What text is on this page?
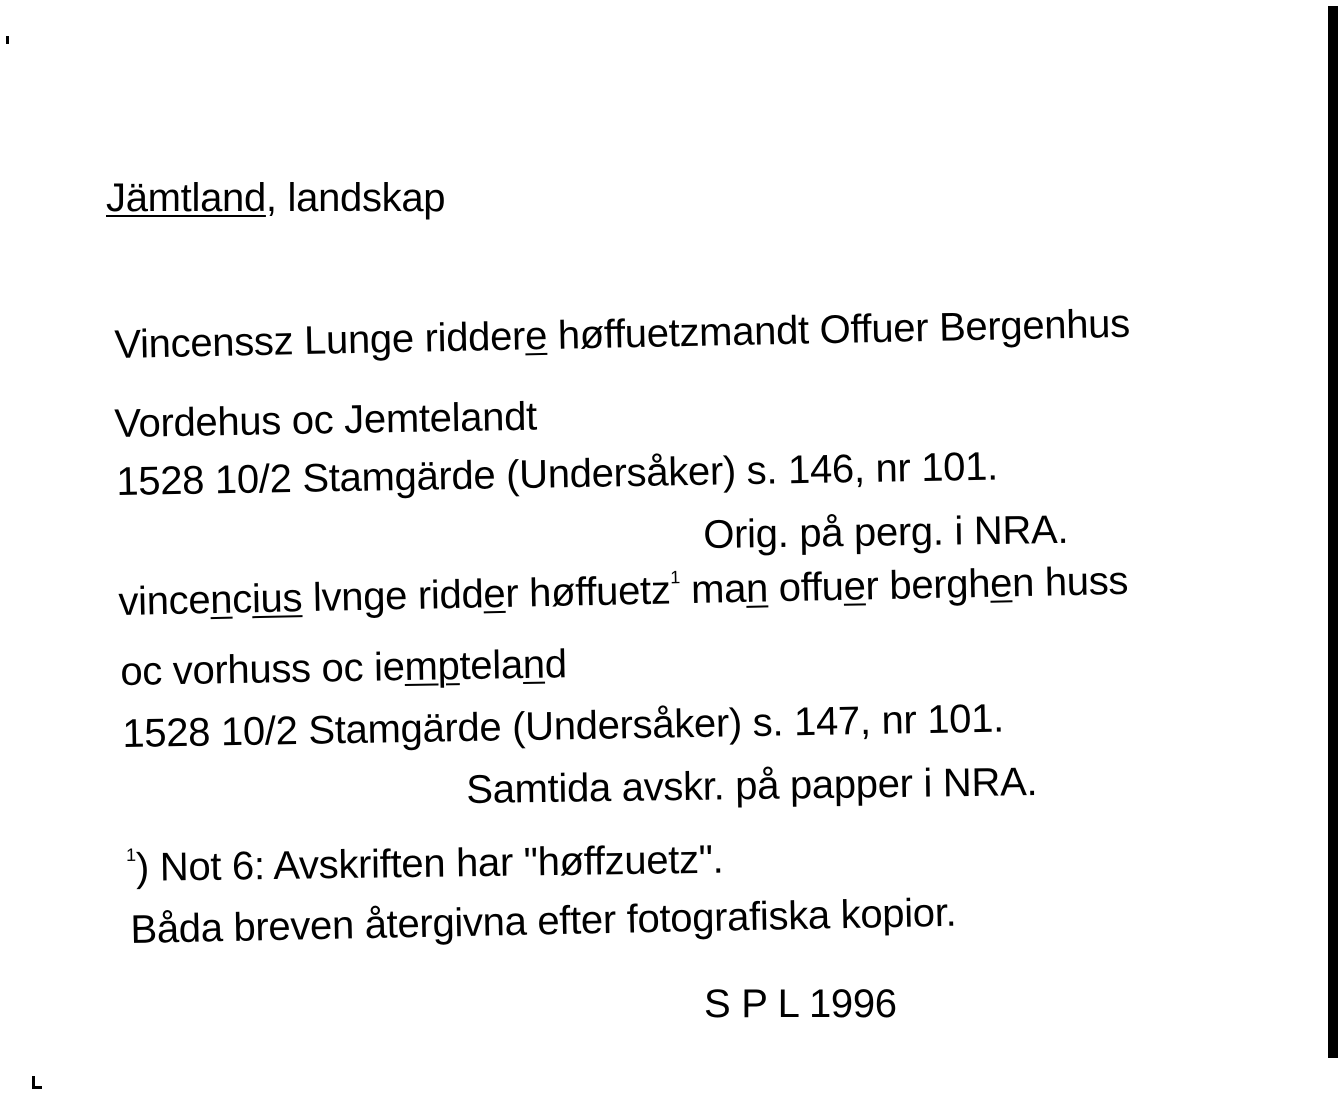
Jämtland, landskap
Vincenssz Lunge riddere høffuetzmandt Offuer Bergenhus
Vordehus oc Jemtelandt
1528 10/2 Stamgärde (Undersåker) s. 146, nr 101.
Orig. på perg. i NRA.
vincencius lvnge ridder høffuetz$^1$ man offuer berghen huss
oc vorhuss oc iempteland
1528 10/2 Stamgärde (Undersåker) s. 147, nr 101.
Samtida avskr. på papper i NRA.
$^1$) Not 6: Avskriften har "høffzuetz".
Båda breven återgivna efter fotografiska kopior.
S P L 1996
